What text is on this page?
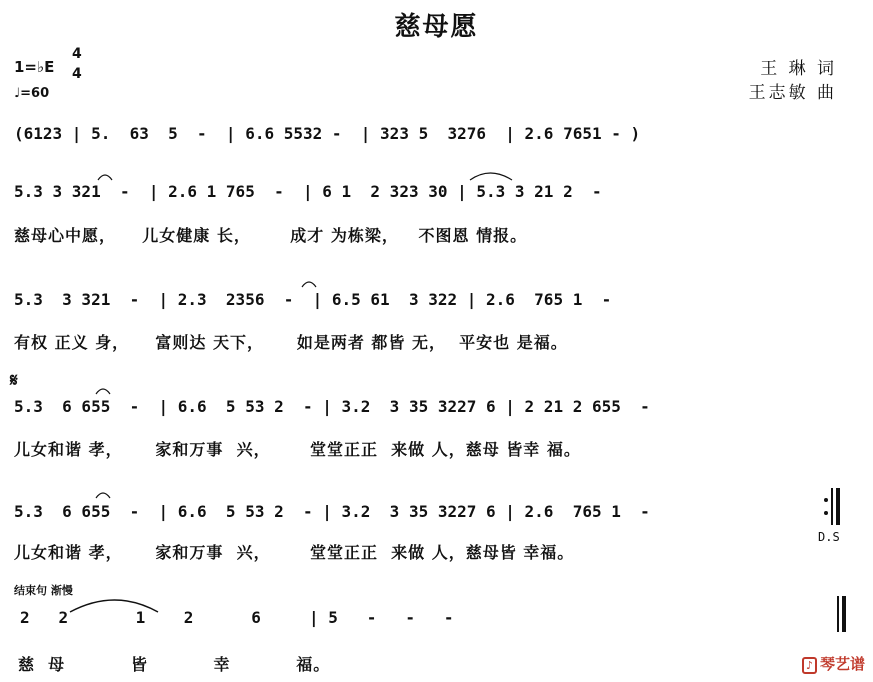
慈母愿
1=♭E
4
4
♩=60
王 琳 词
王志敏 曲
(6123 | 5.  63  5  -  | 6.6 5532 -  | 323 5  3276  | 2.6 7651 - )
5.3 3 321  -  | 2.6 1 765  -  | 6 1  2 323 30 | 5.3 3 21 2  -
慈母心中愿，    儿女健康 长，      成才 为栋梁，   不图恩 情报。
5.3  3 321  -  | 2.3  2356  -  | 6.5 61  3 322 | 2.6  765 1  -
有权 正义 身，    富则达 天下，     如是两者 都皆 无，  平安也 是福。
𝄋
5.3  6 655  -  | 6.6  5 53 2  - | 3.2  3 35 3227 6 | 2 21 2 655  -
儿女和谐 孝，     家和万事  兴，      堂堂正正  来做 人，慈母 皆幸 福。
5.3  6 655  -  | 6.6  5 53 2  - | 3.2  3 35 3227 6 | 2.6  765 1  -
儿女和谐 孝，     家和万事  兴，      堂堂正正  来做 人，慈母皆 幸福。
D.S
结束句 渐慢
2   2       1    2      6     | 5   -   -   -
慈  母          皆          幸          福。	♪ 琴艺谱
